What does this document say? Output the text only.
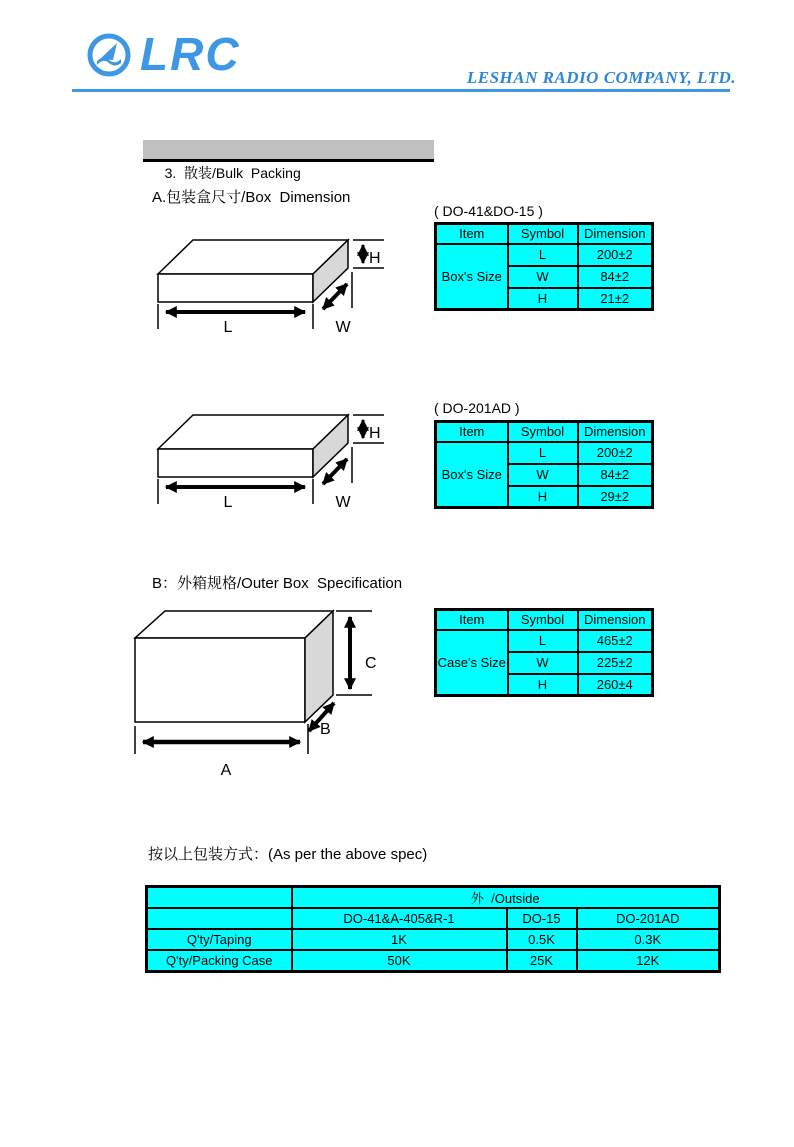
LRC	LESHAN RADIO COMPANY, LTD.

3.  散装/Bulk  Packing

A.包装盒尺寸/Box  Dimension
H
L	W
( DO-41&DO-15 )
Item	Symbol	Dimension
Box's Size	L	200±2
	W	84±2
	H	21±2
H
L	W
( DO-201AD )
Item	Symbol	Dimension
Box's Size	L	200±2
	W	84±2
	H	29±2
B：外箱规格/Outer Box  Specification
C
B
A
Item	Symbol	Dimension
Case's Size	L	465±2
	W	225±2
	H	260±4
按以上包装方式：(As per the above spec)
	外  /Outside		
	DO-41&A-405&R-1	DO-15	DO-201AD
Q'ty/Taping	1K	0.5K	0.3K
Q'ty/Packing Case	50K	25K	12K
